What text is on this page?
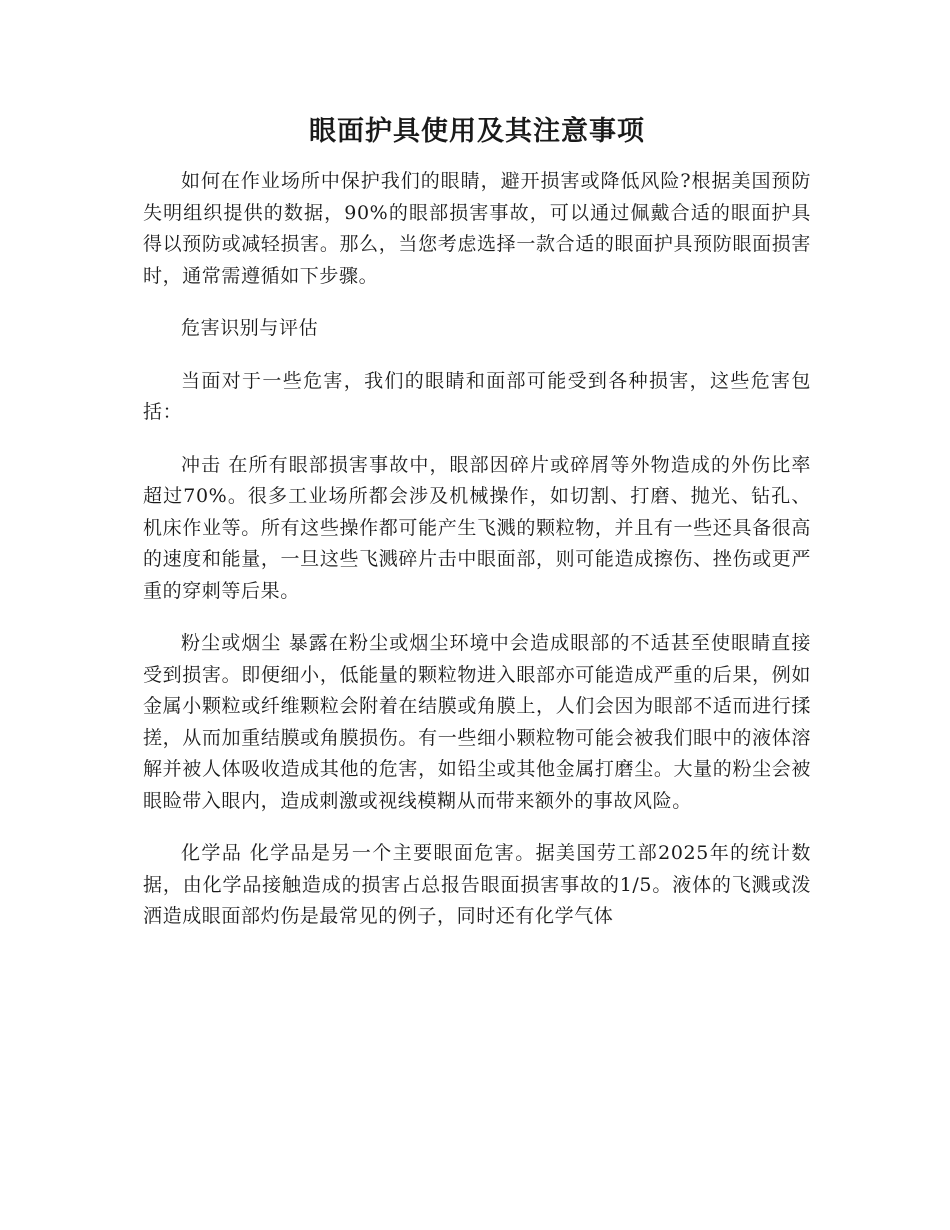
眼面护具使用及其注意事项

如何在作业场所中保护我们的眼睛，避开损害或降低风险?根据美国预防失明组织提供的数据，90%的眼部损害事故，可以通过佩戴合适的眼面护具得以预防或减轻损害。那么，当您考虑选择一款合适的眼面护具预防眼面损害时，通常需遵循如下步骤。

危害识别与评估

当面对于一些危害，我们的眼睛和面部可能受到各种损害，这些危害包括：

冲击 在所有眼部损害事故中，眼部因碎片或碎屑等外物造成的外伤比率超过70%。很多工业场所都会涉及机械操作，如切割、打磨、抛光、钻孔、机床作业等。所有这些操作都可能产生飞溅的颗粒物，并且有一些还具备很高的速度和能量，一旦这些飞溅碎片击中眼面部，则可能造成擦伤、挫伤或更严重的穿刺等后果。

粉尘或烟尘 暴露在粉尘或烟尘环境中会造成眼部的不适甚至使眼睛直接受到损害。即便细小，低能量的颗粒物进入眼部亦可能造成严重的后果，例如金属小颗粒或纤维颗粒会附着在结膜或角膜上，人们会因为眼部不适而进行揉搓，从而加重结膜或角膜损伤。有一些细小颗粒物可能会被我们眼中的液体溶解并被人体吸收造成其他的危害，如铅尘或其他金属打磨尘。大量的粉尘会被眼睑带入眼内，造成刺激或视线模糊从而带来额外的事故风险。

化学品 化学品是另一个主要眼面危害。据美国劳工部2025年的统计数据，由化学品接触造成的损害占总报告眼面损害事故的1/5。液体的飞溅或泼洒造成眼面部灼伤是最常见的例子，同时还有化学气体
